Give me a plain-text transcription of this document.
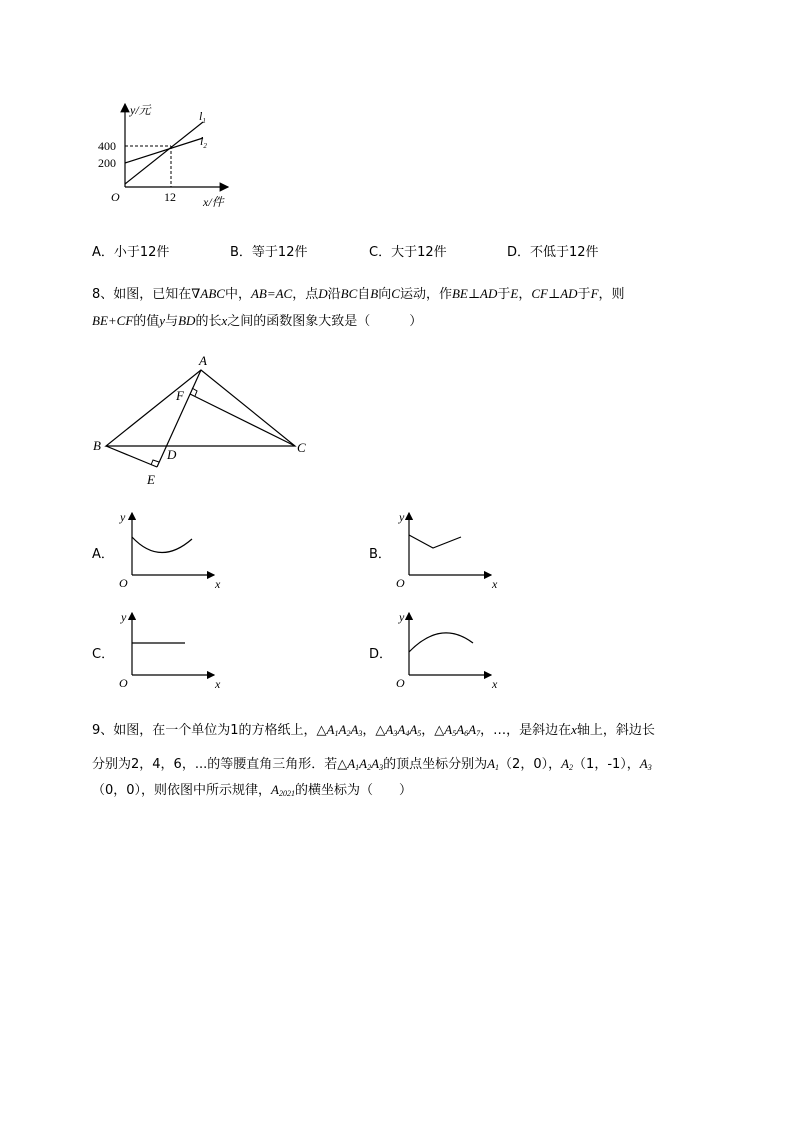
y/元
x/件
O
400
200
12
$l_1$
$l_2$
A．小于12件	B．等于12件	C．大于12件	D．不低于12件
8、如图，已知在∇ABC中，AB=AC，点D沿BC自B向C运动，作BE⊥AD于E，CF⊥AD于F，则
BE+CF的值y与BD的长x之间的函数图象大致是（　　　）
A
B	C
D
E
F
A．
y
x
O
B．
y
x
O
C．
y
x
O
D．
y
x
O
9、如图，在一个单位为1的方格纸上，$\triangle A_1A_2A_3$，$\triangle A_3A_4A_5$，$\triangle A_5A_6A_7$，…，是斜边在x轴上，斜边长
分别为2，4，6，...的等腰直角三角形．若$\triangle A_1A_2A_3$的顶点坐标分别为$A_1(2$，0），$A_2(1$，-1），$A_3$
（0，0），则依图中所示规律，$A_{2021}$的横坐标为（　　）
